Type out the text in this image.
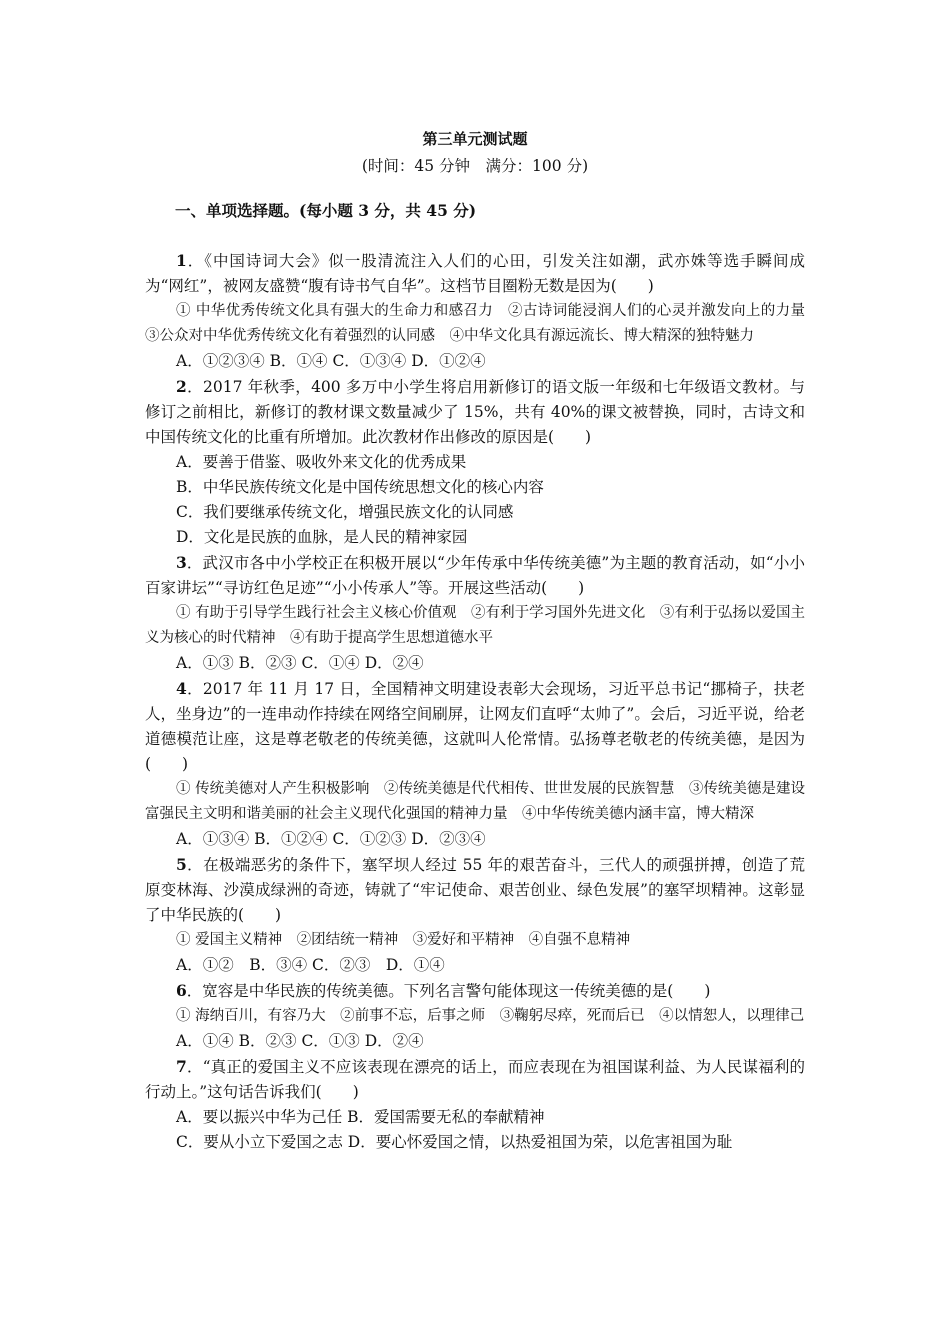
第三单元测试题
(时间：45 分钟　满分：100 分)
一、单项选择题。(每小题 3 分，共 45 分)
1．《中国诗词大会》似一股清流注入人们的心田，引发关注如潮，武亦姝等选手瞬间成为“网红”，被网友盛赞“腹有诗书气自华”。这档节目圈粉无数是因为(　　)
① 中华优秀传统文化具有强大的生命力和感召力　②古诗词能浸润人们的心灵并激发向上的力量　③公众对中华优秀传统文化有着强烈的认同感　④中华文化具有源远流长、博大精深的独特魅力
A．①②③④ B．①④ C．①③④ D．①②④
2．2017 年秋季，400 多万中小学生将启用新修订的语文版一年级和七年级语文教材。与修订之前相比，新修订的教材课文数量减少了 15%，共有 40%的课文被替换，同时，古诗文和中国传统文化的比重有所增加。此次教材作出修改的原因是(　　)
A．要善于借鉴、吸收外来文化的优秀成果
B．中华民族传统文化是中国传统思想文化的核心内容
C．我们要继承传统文化，增强民族文化的认同感
D．文化是民族的血脉，是人民的精神家园
3．武汉市各中小学校正在积极开展以“少年传承中华传统美德”为主题的教育活动，如“小小百家讲坛”“寻访红色足迹”“小小传承人”等。开展这些活动(　　)
① 有助于引导学生践行社会主义核心价值观　②有利于学习国外先进文化　③有利于弘扬以爱国主义为核心的时代精神　④有助于提高学生思想道德水平
A．①③ B．②③ C．①④ D．②④
4．2017 年 11 月 17 日，全国精神文明建设表彰大会现场，习近平总书记“挪椅子，扶老人，坐身边”的一连串动作持续在网络空间刷屏，让网友们直呼“太帅了”。会后，习近平说，给老道德模范让座，这是尊老敬老的传统美德，这就叫人伦常情。弘扬尊老敬老的传统美德，是因为(　　)
① 传统美德对人产生积极影响　②传统美德是代代相传、世世发展的民族智慧　③传统美德是建设富强民主文明和谐美丽的社会主义现代化强国的精神力量　④中华传统美德内涵丰富，博大精深
A．①③④ B．①②④ C．①②③ D．②③④
5．在极端恶劣的条件下，塞罕坝人经过 55 年的艰苦奋斗，三代人的顽强拼搏，创造了荒原变林海、沙漠成绿洲的奇迹，铸就了“牢记使命、艰苦创业、绿色发展”的塞罕坝精神。这彰显了中华民族的(　　)
① 爱国主义精神　②团结统一精神　③爱好和平精神　④自强不息精神
A．①②　B．③④ C．②③　D．①④
6．宽容是中华民族的传统美德。下列名言警句能体现这一传统美德的是(　　)
① 海纳百川，有容乃大　②前事不忘，后事之师　③鞠躬尽瘁，死而后已　④以情恕人，以理律己
A．①④ B．②③ C．①③ D．②④
7．“真正的爱国主义不应该表现在漂亮的话上，而应表现在为祖国谋利益、为人民谋福利的行动上。”这句话告诉我们(　　)
A．要以振兴中华为己任 B．爱国需要无私的奉献精神
C．要从小立下爱国之志 D．要心怀爱国之情，以热爱祖国为荣，以危害祖国为耻
